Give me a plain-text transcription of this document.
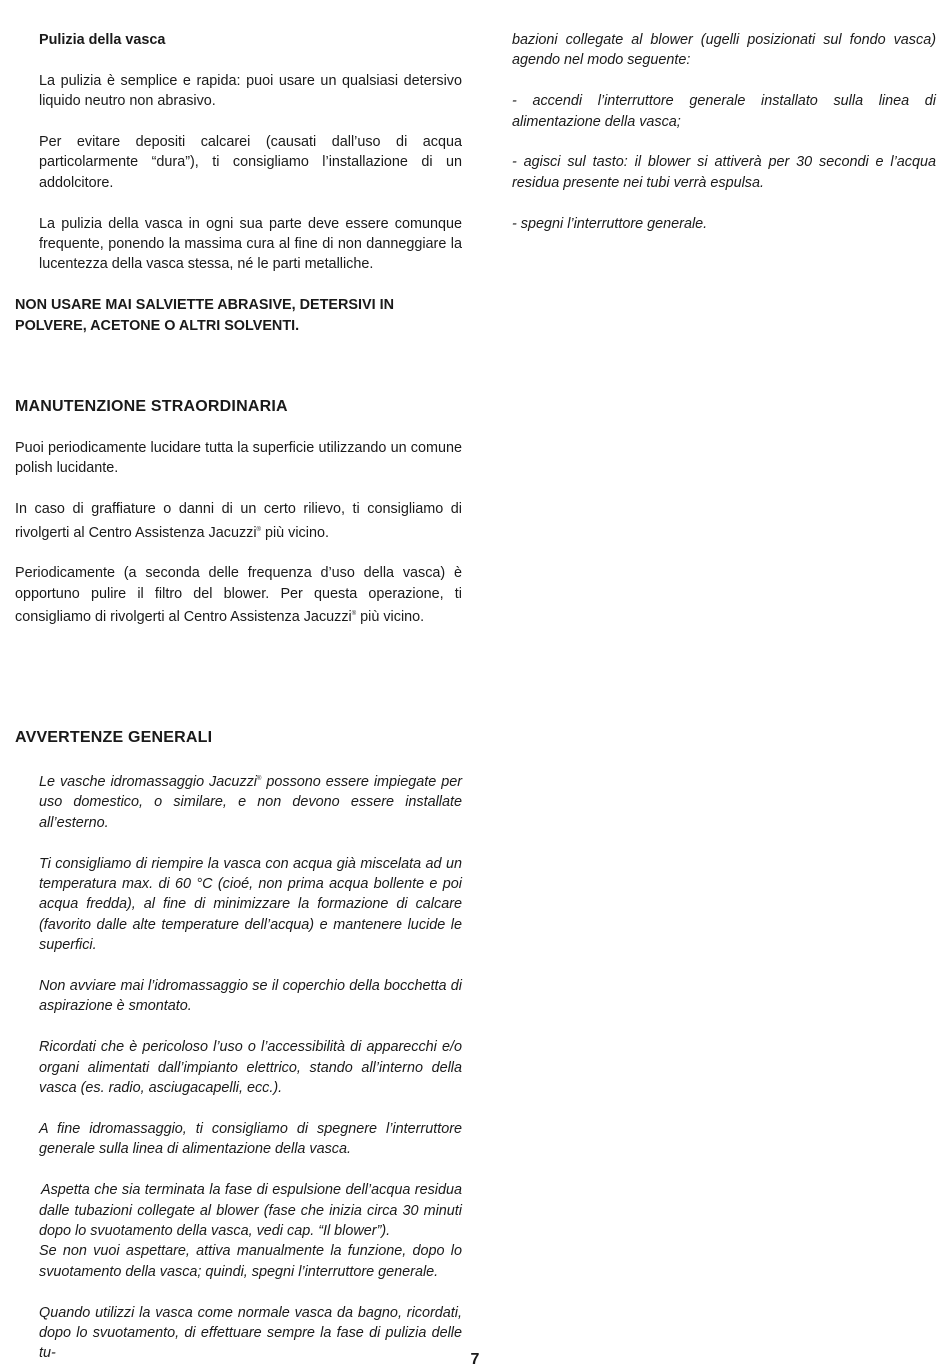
Pulizia della vasca

La pulizia è semplice e rapida: puoi usare un qualsiasi detersivo liquido neutro non abrasivo.

Per evitare depositi calcarei (causati dall’uso di acqua particolarmente “dura”), ti consigliamo l’installazione di un addolcitore.

La pulizia della vasca in ogni sua parte deve essere comunque frequente, ponendo la massima cura al fine di non danneggiare la lucentezza della vasca stessa, né le parti metalliche.

NON USARE MAI SALVIETTE ABRASIVE, DETERSIVI IN POLVERE, ACETONE O ALTRI SOLVENTI.

MANUTENZIONE STRAORDINARIA

Puoi periodicamente lucidare tutta la superficie utilizzando un comune polish lucidante.

In caso di graffiature o danni di un certo rilievo, ti consigliamo di rivolgerti al Centro Assistenza Jacuzzi® più vicino.

Periodicamente (a seconda delle frequenza d’uso della vasca) è opportuno pulire il filtro del blower. Per questa operazione, ti consigliamo di rivolgerti al Centro Assistenza Jacuzzi® più vicino.

AVVERTENZE GENERALI

Le vasche idromassaggio Jacuzzi® possono essere impiegate per uso domestico, o similare, e non devono essere installate all’esterno.

Ti consigliamo di riempire la vasca con acqua già miscelata ad un temperatura max. di 60 °C (cioé, non prima acqua bollente e poi acqua fredda), al fine di minimizzare la formazione di calcare (favorito dalle alte temperature dell’acqua) e mantenere lucide le superfici.

Non avviare mai l’idromassaggio se il coperchio della bocchetta di aspirazione è smontato.

Ricordati che è pericoloso l’uso o l’accessibilità di apparecchi e/o organi alimentati dall’impianto elettrico, stando all’interno della vasca (es. radio, asciugacapelli, ecc.).

A fine idromassaggio, ti consigliamo di spegnere l’interruttore generale sulla linea di alimentazione della vasca.

Aspetta che sia terminata la fase di espulsione dell’acqua residua dalle tubazioni collegate al blower (fase che inizia circa 30 minuti dopo lo svuotamento della vasca, vedi cap. “Il blower”).

Se non vuoi aspettare, attiva manualmente la funzione, dopo lo svuotamento della vasca; quindi, spegni l’interruttore generale.

Quando utilizzi la vasca come normale vasca da bagno, ricordati, dopo lo svuotamento, di effettuare sempre la fase di pulizia delle tu-

bazioni collegate al blower (ugelli posizionati sul fondo vasca) agendo nel modo seguente:

- accendi l’interruttore generale installato sulla linea di alimentazione della vasca;

- agisci sul tasto: il blower si attiverà per 30 secondi e l’acqua residua presente nei tubi verrà espulsa.

- spegni l’interruttore generale.

7
